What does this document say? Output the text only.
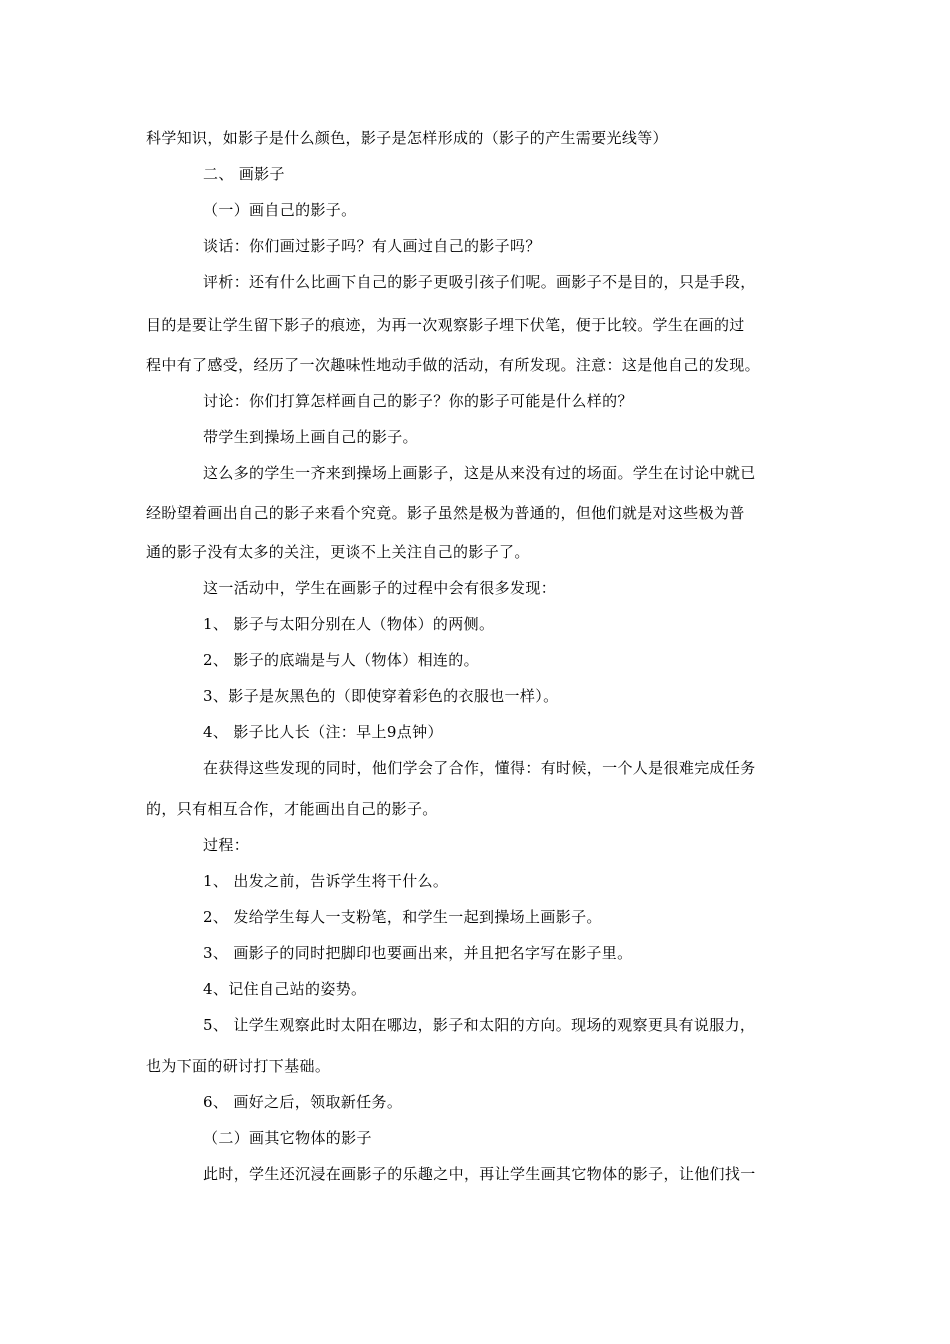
科学知识，如影子是什么颜色，影子是怎样形成的（影子的产生需要光线等）
二、 画影子
（一）画自己的影子。
谈话：你们画过影子吗？有人画过自己的影子吗？
评析：还有什么比画下自己的影子更吸引孩子们呢。画影子不是目的，只是手段，
目的是要让学生留下影子的痕迹，为再一次观察影子埋下伏笔，便于比较。学生在画的过
程中有了感受，经历了一次趣味性地动手做的活动，有所发现。注意：这是他自己的发现。
讨论：你们打算怎样画自己的影子？你的影子可能是什么样的？
带学生到操场上画自己的影子。
这么多的学生一齐来到操场上画影子，这是从来没有过的场面。学生在讨论中就已
经盼望着画出自己的影子来看个究竟。影子虽然是极为普通的，但他们就是对这些极为普
通的影子没有太多的关注，更谈不上关注自己的影子了。
这一活动中，学生在画影子的过程中会有很多发现：
1、 影子与太阳分别在人（物体）的两侧。
2、 影子的底端是与人（物体）相连的。
3、影子是灰黑色的（即使穿着彩色的衣服也一样）。
4、 影子比人长（注：早上9点钟）
在获得这些发现的同时，他们学会了合作，懂得：有时候，一个人是很难完成任务
的，只有相互合作，才能画出自己的影子。
过程：
1、 出发之前，告诉学生将干什么。
2、 发给学生每人一支粉笔，和学生一起到操场上画影子。
3、 画影子的同时把脚印也要画出来，并且把名字写在影子里。
4、记住自己站的姿势。
5、 让学生观察此时太阳在哪边，影子和太阳的方向。现场的观察更具有说服力，
也为下面的研讨打下基础。
6、 画好之后，领取新任务。
（二）画其它物体的影子
此时，学生还沉浸在画影子的乐趣之中，再让学生画其它物体的影子，让他们找一
